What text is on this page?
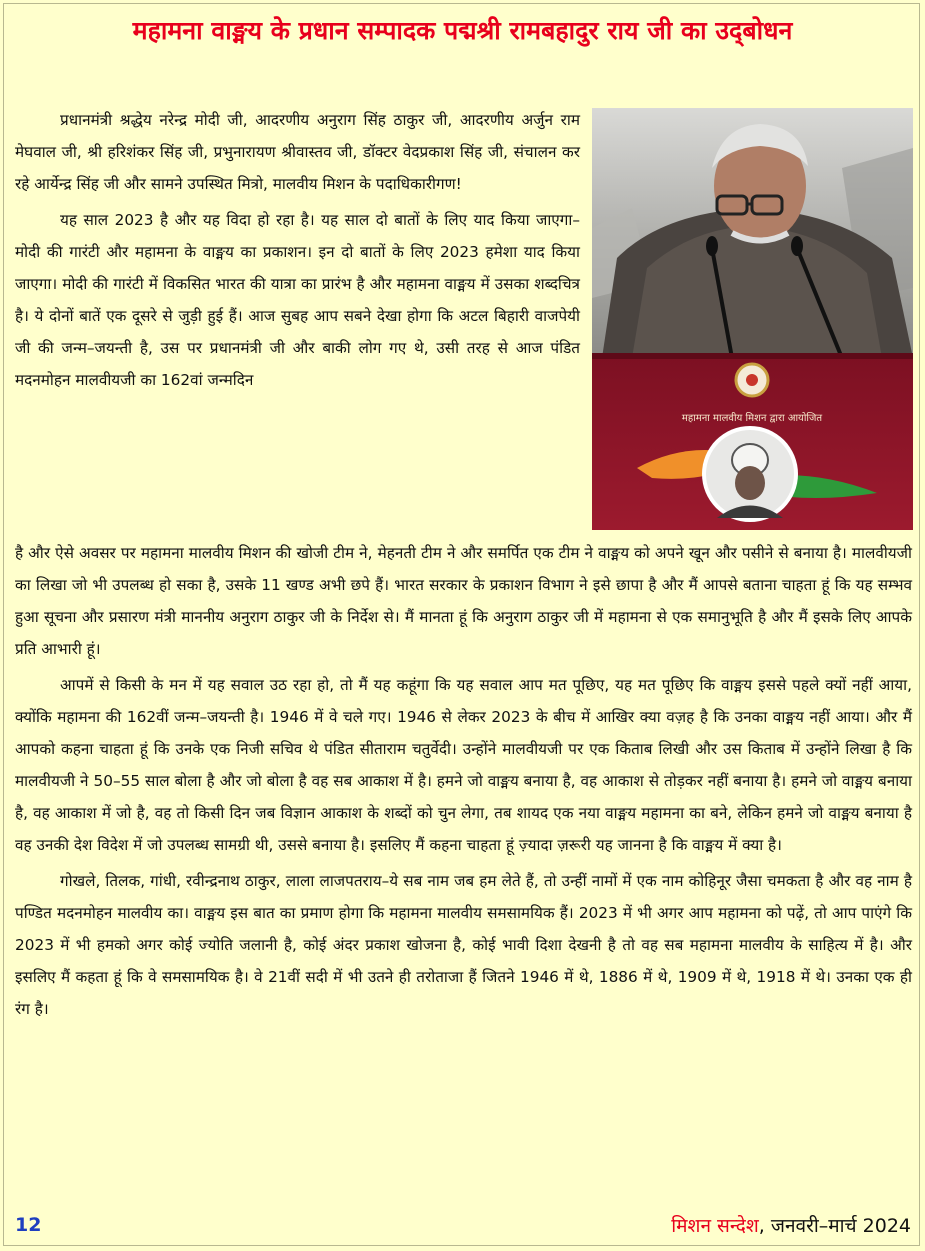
महामना वाङ्मय के प्रधान सम्पादक पद्मश्री रामबहादुर राय जी का उद्‌बोधन
महामना मालवीय मिशन द्वारा आयोजित

प्रधानमंत्री श्रद्धेय नरेन्द्र मोदी जी, आदरणीय अनुराग सिंह ठाकुर जी, आदरणीय अर्जुन राम मेघवाल जी, श्री हरिशंकर सिंह जी, प्रभुनारायण श्रीवास्तव जी, डॉक्टर वेदप्रकाश सिंह जी, संचालन कर रहे आर्येन्द्र सिंह जी और सामने उपस्थित मित्रो, मालवीय मिशन के पदाधिकारीगण!

यह साल 2023 है और यह विदा हो रहा है। यह साल दो बातों के लिए याद किया जाएगा– मोदी की गारंटी और महामना के वाङ्मय का प्रकाशन। इन दो बातों के लिए 2023 हमेशा याद किया जाएगा। मोदी की गारंटी में विकसित भारत की यात्रा का प्रारंभ है और महामना वाङ्मय में उसका शब्दचित्र है। ये दोनों बातें एक दूसरे से जुड़ी हुई हैं। आज सुबह आप सबने देखा होगा कि अटल बिहारी वाजपेयी जी की जन्म–जयन्ती है, उस पर प्रधानमंत्री जी और बाकी लोग गए थे, उसी तरह से आज पंडित मदनमोहन मालवीयजी का 162वां जन्मदिन

है और ऐसे अवसर पर महामना मालवीय मिशन की खोजी टीम ने, मेहनती टीम ने और समर्पित एक टीम ने वाङ्मय को अपने खून और पसीने से बनाया है। मालवीयजी का लिखा जो भी उपलब्ध हो सका है, उसके 11 खण्ड अभी छपे हैं। भारत सरकार के प्रकाशन विभाग ने इसे छापा है और मैं आपसे बताना चाहता हूं कि यह सम्भव हुआ सूचना और प्रसारण मंत्री माननीय अनुराग ठाकुर जी के निर्देश से। मैं मानता हूं कि अनुराग ठाकुर जी में महामना से एक समानुभूति है और मैं इसके लिए आपके प्रति आभारी हूं।

आपमें से किसी के मन में यह सवाल उठ रहा हो, तो मैं यह कहूंगा कि यह सवाल आप मत पूछिए, यह मत पूछिए कि वाङ्मय इससे पहले क्यों नहीं आया, क्योंकि महामना की 162वीं जन्म–जयन्ती है। 1946 में वे चले गए। 1946 से लेकर 2023 के बीच में आखिर क्या वज़ह है कि उनका वाङ्मय नहीं आया। और मैं आपको कहना चाहता हूं कि उनके एक निजी सचिव थे पंडित सीताराम चतुर्वेदी। उन्होंने मालवीयजी पर एक किताब लिखी और उस किताब में उन्होंने लिखा है कि मालवीयजी ने 50–55 साल बोला है और जो बोला है वह सब आकाश में है। हमने जो वाङ्मय बनाया है, वह आकाश से तोड़कर नहीं बनाया है। हमने जो वाङ्मय बनाया है, वह आकाश में जो है, वह तो किसी दिन जब विज्ञान आकाश के शब्दों को चुन लेगा, तब शायद एक नया वाङ्मय महामना का बने, लेकिन हमने जो वाङ्मय बनाया है वह उनकी देश विदेश में जो उपलब्ध सामग्री थी, उससे बनाया है। इसलिए मैं कहना चाहता हूं ज़्यादा ज़रूरी यह जानना है कि वाङ्मय में क्या है।

गोखले, तिलक, गांधी, रवीन्द्रनाथ ठाकुर, लाला लाजपतराय–ये सब नाम जब हम लेते हैं, तो उन्हीं नामों में एक नाम कोहिनूर जैसा चमकता है और वह नाम है पण्डित मदनमोहन मालवीय का। वाङ्मय इस बात का प्रमाण होगा कि महामना मालवीय समसामयिक हैं। 2023 में भी अगर आप महामना को पढ़ें, तो आप पाएंगे कि 2023 में भी हमको अगर कोई ज्योति जलानी है, कोई अंदर प्रकाश खोजना है, कोई भावी दिशा देखनी है तो वह सब महामना मालवीय के साहित्य में है। और इसलिए मैं कहता हूं कि वे समसामयिक है। वे 21वीं सदी में भी उतने ही तरोताजा हैं जितने 1946 में थे, 1886 में थे, 1909 में थे, 1918 में थे। उनका एक ही रंग है।

12	मिशन सन्देश, जनवरी–मार्च 2024
